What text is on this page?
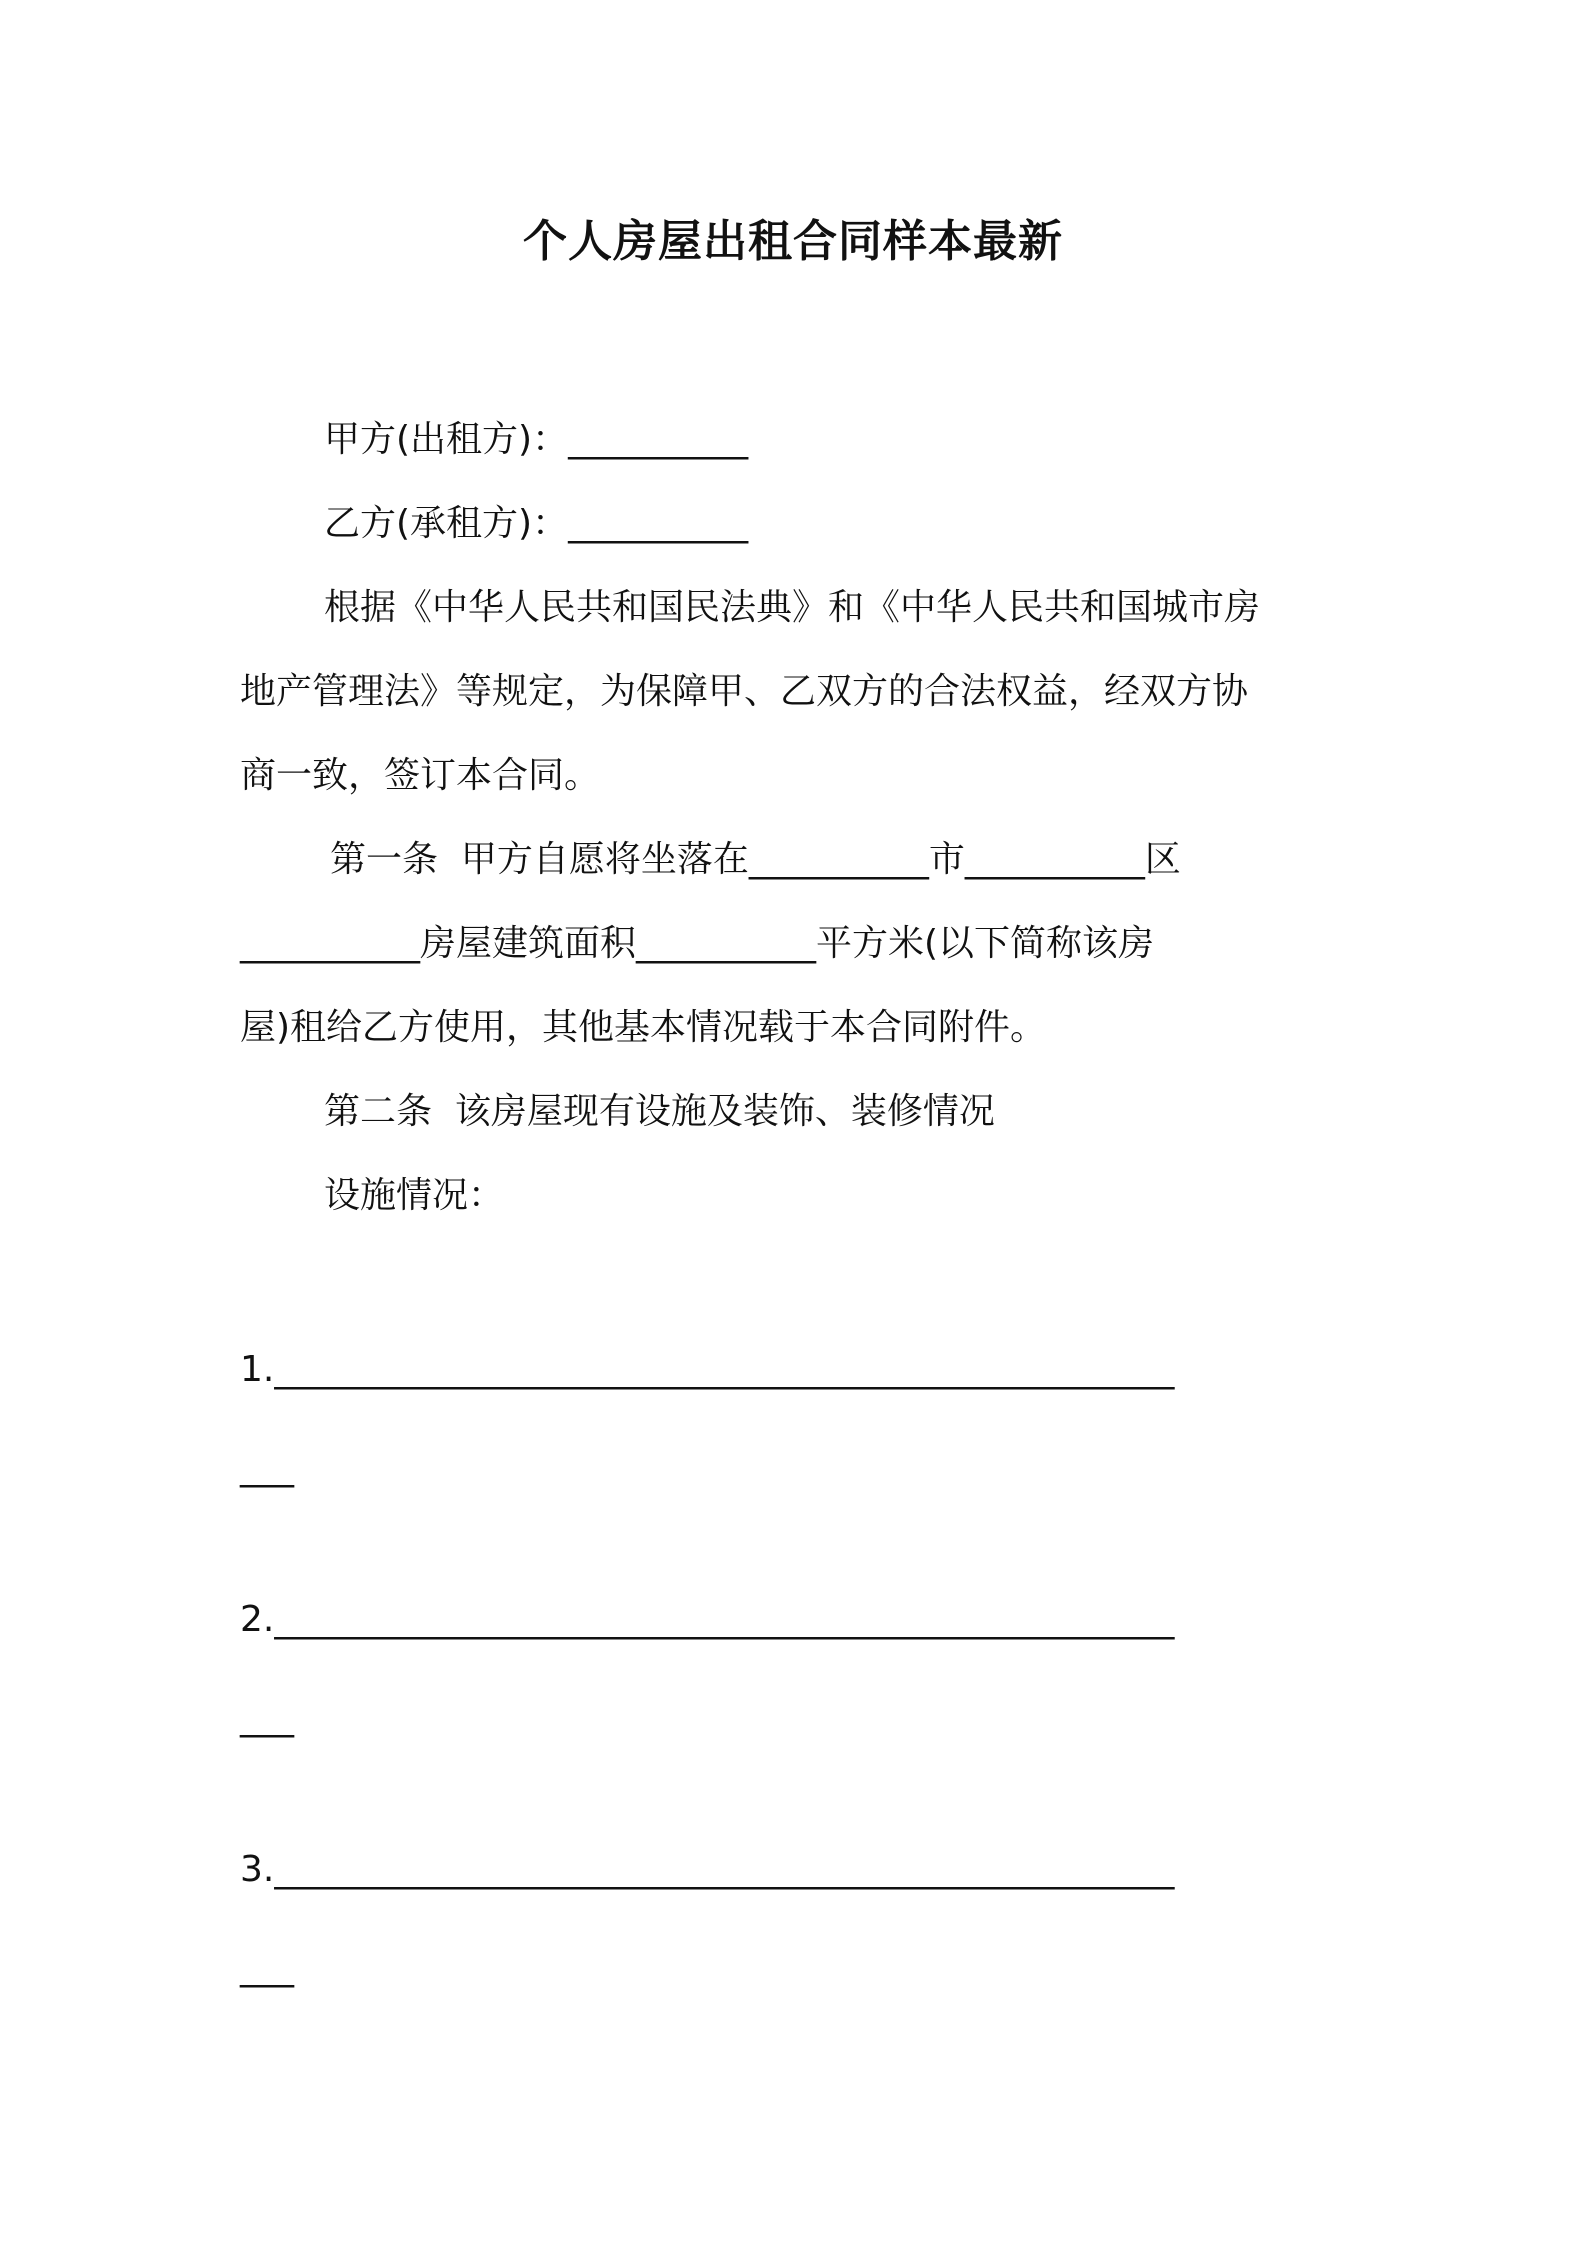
个人房屋出租合同样本最新

甲方(出租方)：__________

乙方(承租方)：__________

根据《中华人民共和国民法典》和《中华人民共和国城市房

地产管理法》等规定，为保障甲、乙双方的合法权益，经双方协

商一致，签订本合同。

第一条 甲方自愿将坐落在__________市__________区

__________房屋建筑面积__________平方米(以下简称该房

屋)租给乙方使用，其他基本情况载于本合同附件。

第二条 该房屋现有设施及装饰、装修情况

设施情况：

1.__________________________________________________
___
2.__________________________________________________
___
3.__________________________________________________
___
